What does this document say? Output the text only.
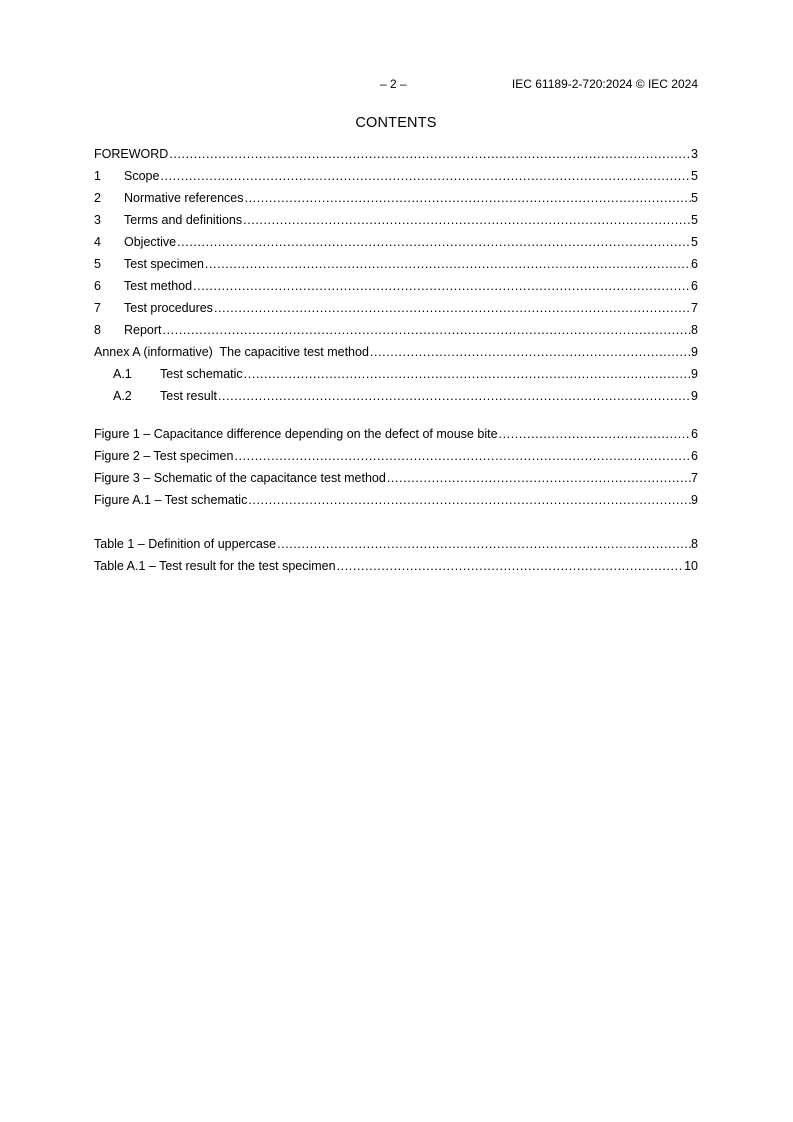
– 2 –	IEC 61189-2-720:2024 © IEC 2024
CONTENTS
FOREWORD .....	3
1	Scope .....	5
2	Normative references .....	5
3	Terms and definitions .....	5
4	Objective .....	5
5	Test specimen .....	6
6	Test method .....	6
7	Test procedures .....	7
8	Report .....	8
Annex A (informative)  The capacitive test method .....	9
A.1	Test schematic .....	9
A.2	Test result .....	9
Figure 1 – Capacitance difference depending on the defect of mouse bite .....	6
Figure 2 – Test specimen .....	6
Figure 3 – Schematic of the capacitance test method .....	7
Figure A.1 – Test schematic .....	9
Table 1 – Definition of uppercase .....	8
Table A.1 – Test result for the test specimen .....	10
